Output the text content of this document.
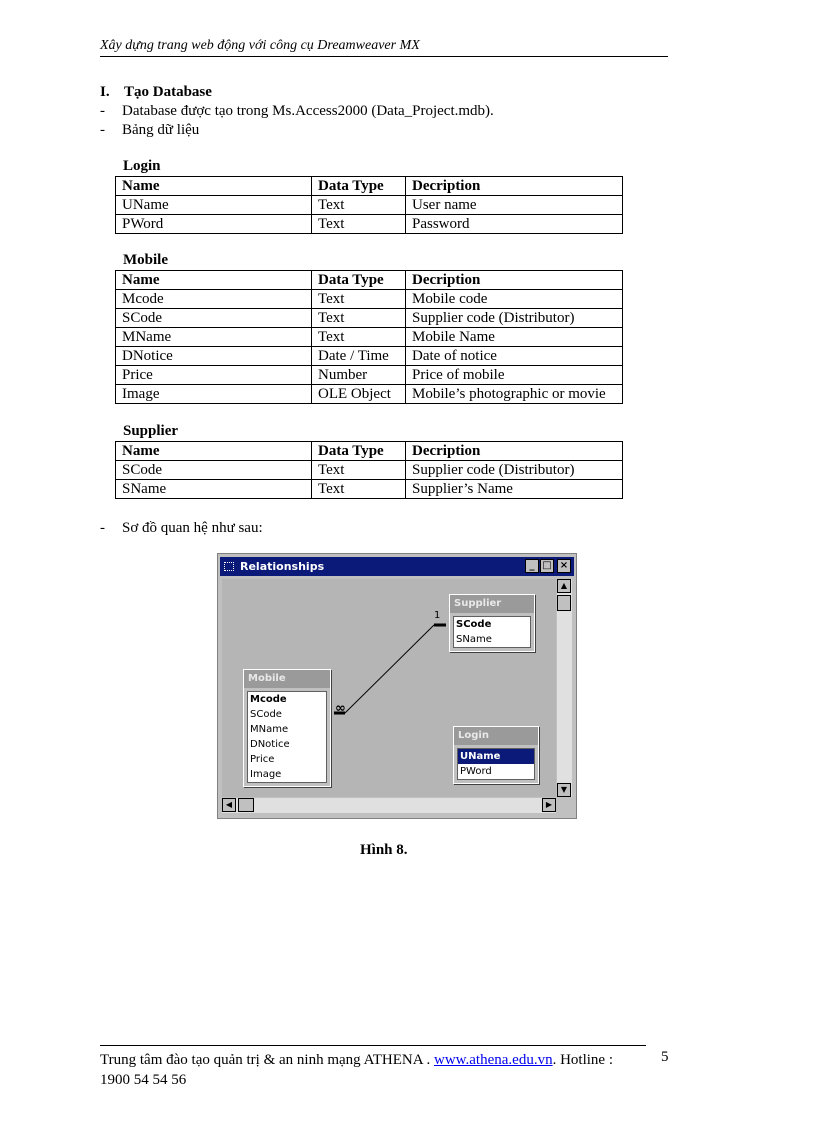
Xây dựng trang web động với công cụ Dreamweaver MX
I. Tạo Database
- Database được tạo trong Ms.Access2000 (Data_Project.mdb).
- Bảng dữ liệu
Login
Name	Data Type	Decription
UName	Text	User name
PWord	Text	Password
Mobile
Name	Data Type	Decription
Mcode	Text	Mobile code
SCode	Text	Supplier code (Distributor)
MName	Text	Mobile Name
DNotice	Date / Time	Date of notice
Price	Number	Price of mobile
Image	OLE Object	Mobile’s photographic or movie
Supplier
Name	Data Type	Decription
SCode	Text	Supplier code (Distributor)
SName	Text	Supplier’s Name
- Sơ đồ quan hệ như sau:
Relationships	_ □ ×
1
∞
Supplier
SCode
SName
Mobile
Mcode
SCode
MName
DNotice
Price
Image
Login
UName
PWord
▲
▼
◀	▶
Hình 8.
Trung tâm đào tạo quản trị & an ninh mạng ATHENA . www.athena.edu.vn. Hotline : 1900 54 54 56
5
